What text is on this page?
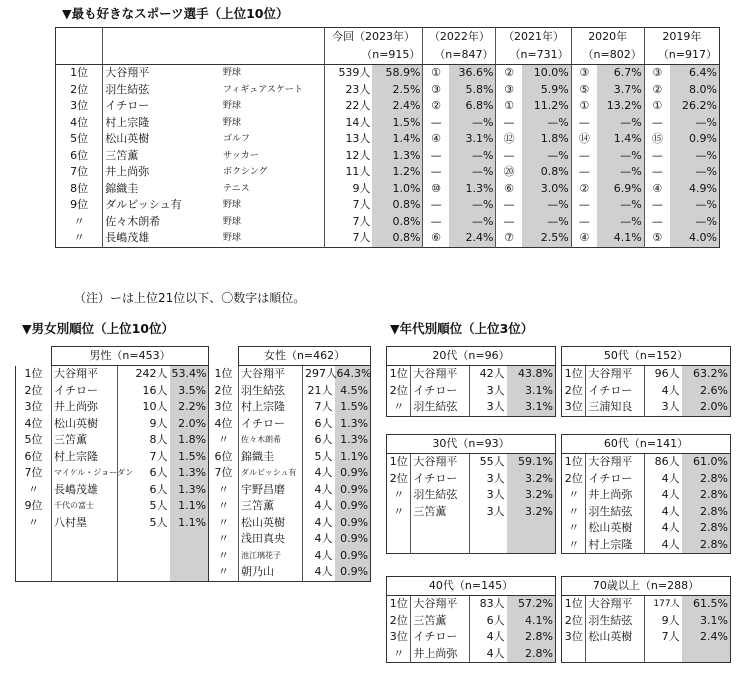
▼最も好きなスポーツ選手（上位10位）
			今回（2023年）		（2022年）		（2021年）		2020年		2019年	
			（n=915）		（n=847）		（n=731）		（n=802）		（n=917）	
1位	大谷翔平	野球	539人	58.9%	①	36.6%	②	10.0%	③	6.7%	③	6.4%
2位	羽生結弦	フィギュアスケート	23人	2.5%	③	5.8%	③	5.9%	⑤	3.7%	②	8.0%
3位	イチロー	野球	22人	2.4%	②	6.8%	①	11.2%	①	13.2%	①	26.2%
4位	村上宗隆	野球	14人	1.5%	—	—%	—	—%	—	—%	—	—%
5位	松山英樹	ゴルフ	13人	1.4%	④	3.1%	⑫	1.8%	⑭	1.4%	⑮	0.9%
6位	三笘薫	サッカー	12人	1.3%	—	—%	—	—%	—	—%	—	—%
7位	井上尚弥	ボクシング	11人	1.2%	—	—%	⑳	0.8%	—	—%	—	—%
8位	錦織圭	テニス	9人	1.0%	⑩	1.3%	⑥	3.0%	②	6.9%	④	4.9%
9位	ダルビッシュ有	野球	7人	0.8%	—	—%	—	—%	—	—%	—	—%
〃	佐々木朗希	野球	7人	0.8%	—	—%	—	—%	—	—%	—	—%
〃	長嶋茂雄	野球	7人	0.8%	⑥	2.4%	⑦	2.5%	④	4.1%	⑤	4.0%
（注）ーは上位21位以下、〇数字は順位。
▼男女別順位（上位10位）
	男性（n=453）				女性（n=462）		
1位	大谷翔平	242人	53.4%	1位	大谷翔平	297人	64.3%
2位	イチロー	16人	3.5%	2位	羽生結弦	21人	4.5%
3位	井上尚弥	10人	2.2%	3位	村上宗隆	7人	1.5%
4位	松山英樹	9人	2.0%	4位	イチロー	6人	1.3%
5位	三笘薫	8人	1.8%	〃	佐々木朗希	6人	1.3%
6位	村上宗隆	7人	1.5%	6位	錦織圭	5人	1.1%
7位	マイケル・ジョーダン	6人	1.3%	7位	ダルビッシュ有	4人	0.9%
〃	長嶋茂雄	6人	1.3%	〃	宇野昌磨	4人	0.9%
9位	千代の富士	5人	1.1%	〃	三笘薫	4人	0.9%
〃	八村塁	5人	1.1%	〃	松山英樹	4人	0.9%
				〃	浅田真央	4人	0.9%
				〃	池江璃花子	4人	0.9%
				〃	朝乃山	4人	0.9%
▼年代別順位（上位3位）
20代（n=96）			
1位	大谷翔平	42人	43.8%
2位	イチロー	3人	3.1%
〃	羽生結弦	3人	3.1%
50代（n=152）			
1位	大谷翔平	96人	63.2%
2位	イチロー	4人	2.6%
3位	三浦知良	3人	2.0%
30代（n=93）			
1位	大谷翔平	55人	59.1%
2位	イチロー	3人	3.2%
〃	羽生結弦	3人	3.2%
〃	三笘薫	3人	3.2%

60代（n=141）			
1位	大谷翔平	86人	61.0%
2位	イチロー	4人	2.8%
〃	井上尚弥	4人	2.8%
〃	羽生結弦	4人	2.8%
〃	松山英樹	4人	2.8%
〃	村上宗隆	4人	2.8%
40代（n=145）			
1位	大谷翔平	83人	57.2%
2位	三笘薫	6人	4.1%
3位	イチロー	4人	2.8%
〃	井上尚弥	4人	2.8%
70歳以上（n=288）			
1位	大谷翔平	177人	61.5%
2位	羽生結弦	9人	3.1%
3位	松山英樹	7人	2.4%
